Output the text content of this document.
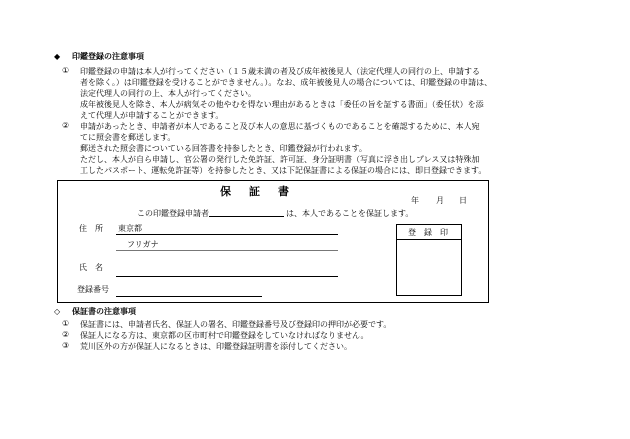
◆ 印鑑登録の注意事項
① 印鑑登録の申請は本人が行ってください（１５歳未満の者及び成年被後見人（法定代理人の同行の上、申請する
者を除く。）は印鑑登録を受けることができません。）。なお、成年被後見人の場合については、印鑑登録の申請は、
法定代理人の同行の上、本人が行ってください。
成年被後見人を除き、本人が病気その他やむを得ない理由があるときは「委任の旨を証する書面」（委任状）を添
えて代理人が申請することができます。
② 申請があったとき、申請者が本人であること及び本人の意思に基づくものであることを確認するために、本人宛
てに照会書を郵送します。
郵送された照会書についている回答書を持参したとき、印鑑登録が行われます。
ただし、本人が自ら申請し、官公署の発行した免許証、許可証、身分証明書（写真に浮き出しプレス又は特殊加
工したパスポート、運転免許証等）を持参したとき、又は下記保証書による保証の場合には、即日登録できます。
保証書
年 月 日
この印鑑登録申請者	は、本人であることを保証します。
住　所 東京都
フリガナ
氏　名
登録番号
登　録　印
◇ 保証書の注意事項
① 保証書には、申請者氏名、保証人の署名、印鑑登録番号及び登録印の押印が必要です。
② 保証人になる方は、東京都の区市町村で印鑑登録をしていなければなりません。
③ 荒川区外の方が保証人になるときは、印鑑登録証明書を添付してください。
